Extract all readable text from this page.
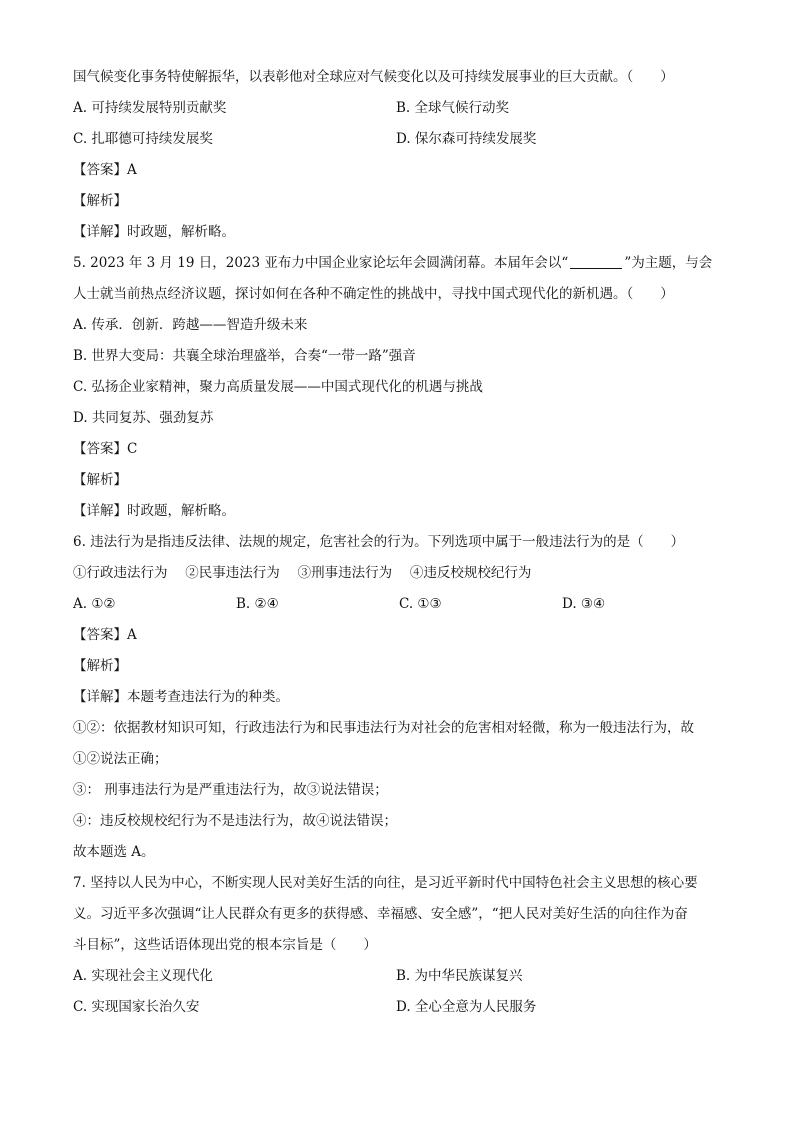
国气候变化事务特使解振华，以表彰他对全球应对气候变化以及可持续发展事业的巨大贡献。（　　）
A. 可持续发展特别贡献奖	B. 全球气候行动奖
C. 扎耶德可持续发展奖	D. 保尔森可持续发展奖
【答案】A
【解析】
【详解】时政题，解析略。
5. 2023 年 3 月 19 日，2023 亚布力中国企业家论坛年会圆满闭幕。本届年会以“	”为主题，与会
人士就当前热点经济议题，探讨如何在各种不确定性的挑战中，寻找中国式现代化的新机遇。（　　）
A. 传承．创新．跨越——智造升级未来
B. 世界大变局：共襄全球治理盛举，合奏“一带一路”强音
C. 弘扬企业家精神，聚力高质量发展——中国式现代化的机遇与挑战
D. 共同复苏、强劲复苏
【答案】C
【解析】
【详解】时政题，解析略。
6. 违法行为是指违反法律、法规的规定，危害社会的行为。下列选项中属于一般违法行为的是（　　）
①行政违法行为　 ②民事违法行为　 ③刑事违法行为　 ④违反校规校纪行为
A. ①②	B. ②④	C. ①③	D. ③④
【答案】A
【解析】
【详解】本题考查违法行为的种类。
①②：依据教材知识可知，行政违法行为和民事违法行为对社会的危害相对轻微，称为一般违法行为，故
①②说法正确；
③： 刑事违法行为是严重违法行为，故③说法错误；
④：违反校规校纪行为不是违法行为，故④说法错误；
故本题选 A。
7. 坚持以人民为中心，不断实现人民对美好生活的向往，是习近平新时代中国特色社会主义思想的核心要
义。习近平多次强调“让人民群众有更多的获得感、幸福感、安全感”，“把人民对美好生活的向往作为奋
斗目标”，这些话语体现出党的根本宗旨是（　　）
A. 实现社会主义现代化	B. 为中华民族谋复兴
C. 实现国家长治久安	D. 全心全意为人民服务
